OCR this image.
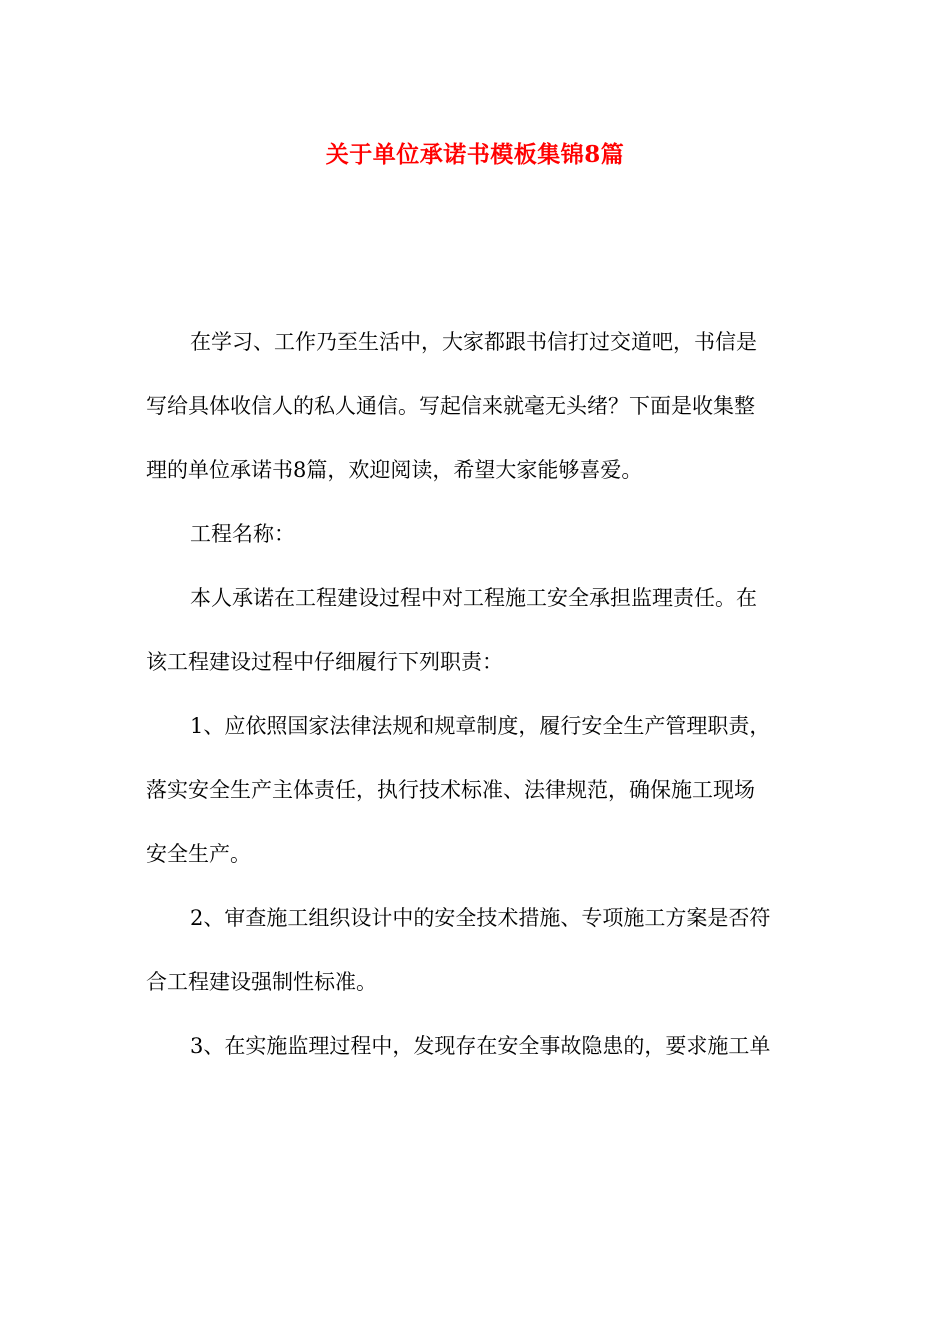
关于单位承诺书模板集锦8篇

在学习、工作乃至生活中，大家都跟书信打过交道吧，书信是
写给具体收信人的私人通信。写起信来就毫无头绪？下面是收集整
理的单位承诺书8篇，欢迎阅读，希望大家能够喜爱。

工程名称：

本人承诺在工程建设过程中对工程施工安全承担监理责任。在
该工程建设过程中仔细履行下列职责：

1、应依照国家法律法规和规章制度，履行安全生产管理职责，
落实安全生产主体责任，执行技术标准、法律规范，确保施工现场
安全生产。

2、审查施工组织设计中的安全技术措施、专项施工方案是否符
合工程建设强制性标准。

3、在实施监理过程中，发现存在安全事故隐患的，要求施工单
